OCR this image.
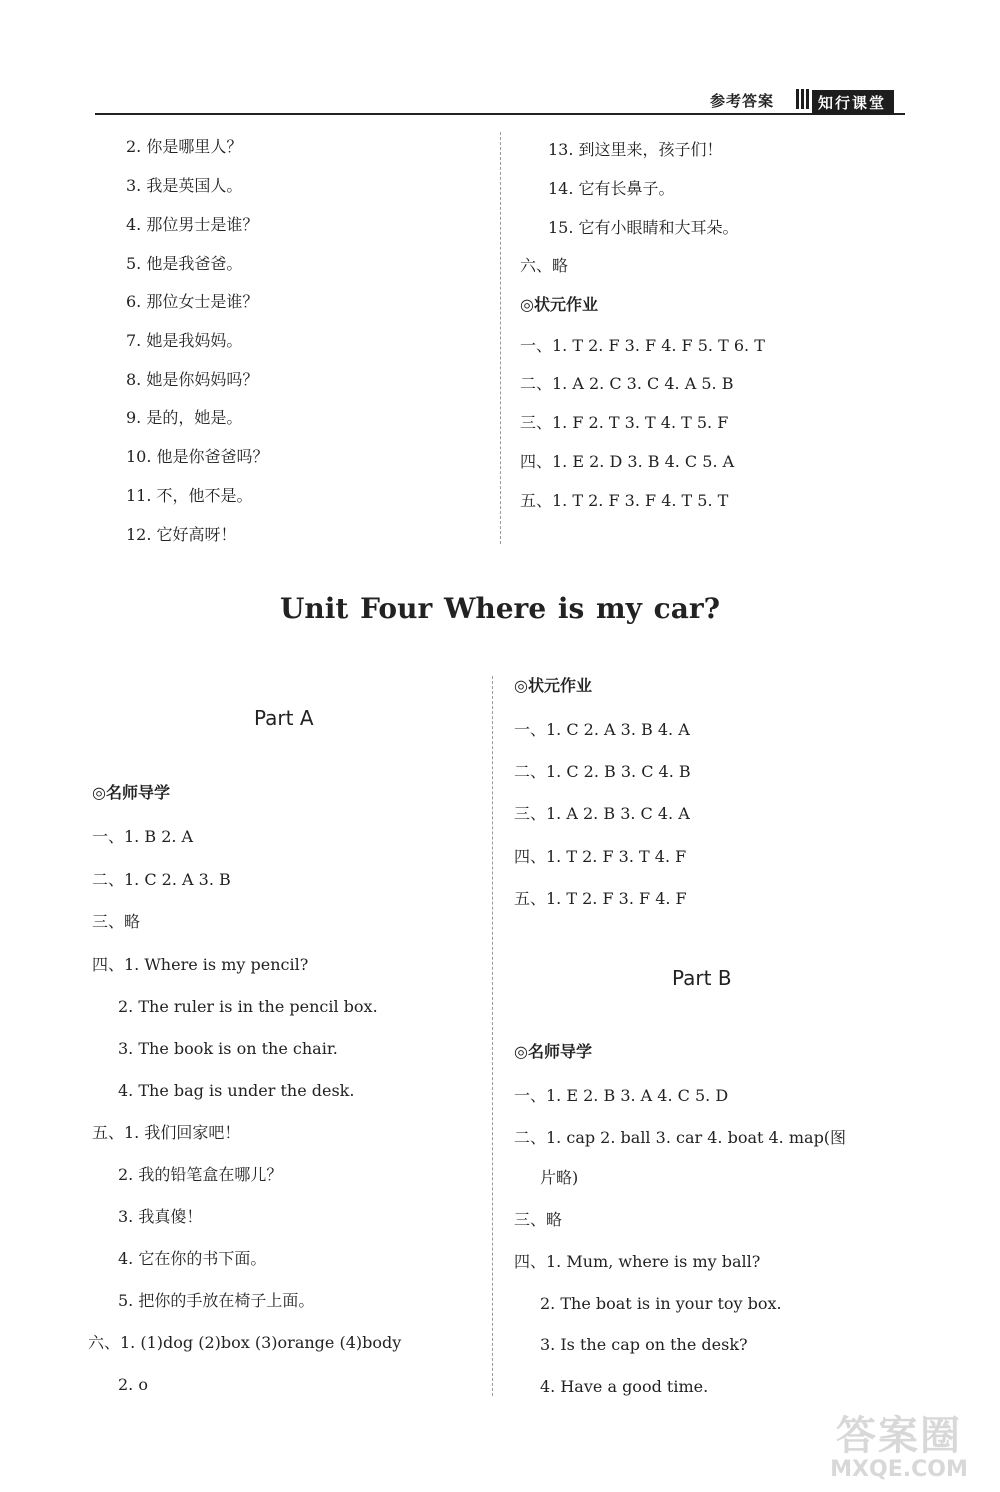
参考答案	知行课堂
2. 你是哪里人？
3. 我是英国人。
4. 那位男士是谁？
5. 他是我爸爸。
6. 那位女士是谁？
7. 她是我妈妈。
8. 她是你妈妈吗？
9. 是的，她是。
10. 他是你爸爸吗？
11. 不，他不是。
12. 它好高呀！
13. 到这里来，孩子们！
14. 它有长鼻子。
15. 它有小眼睛和大耳朵。
六、略
◎状元作业
一、1. T 2. F 3. F 4. F 5. T 6. T
二、1. A 2. C 3. C 4. A 5. B
三、1. F 2. T 3. T 4. T 5. F
四、1. E 2. D 3. B 4. C 5. A
五、1. T 2. F 3. F 4. T 5. T
Unit Four Where is my car?
Part A
◎名师导学
一、1. B 2. A
二、1. C 2. A 3. B
三、略
四、1. Where is my pencil?
2. The ruler is in the pencil box.
3. The book is on the chair.
4. The bag is under the desk.
五、1. 我们回家吧！
2. 我的铅笔盒在哪儿？
3. 我真傻！
4. 它在你的书下面。
5. 把你的手放在椅子上面。
六、1. (1)dog (2)box (3)orange (4)body
2. o
◎状元作业
一、1. C 2. A 3. B 4. A
二、1. C 2. B 3. C 4. B
三、1. A 2. B 3. C 4. A
四、1. T 2. F 3. T 4. F
五、1. T 2. F 3. F 4. F
Part B
◎名师导学
一、1. E 2. B 3. A 4. C 5. D
二、1. cap 2. ball 3. car 4. boat 4. map(图
片略)
三、略
四、1. Mum, where is my ball?
2. The boat is in your toy box.
3. Is the cap on the desk?
4. Have a good time.
答案圈
MXQE.COM
